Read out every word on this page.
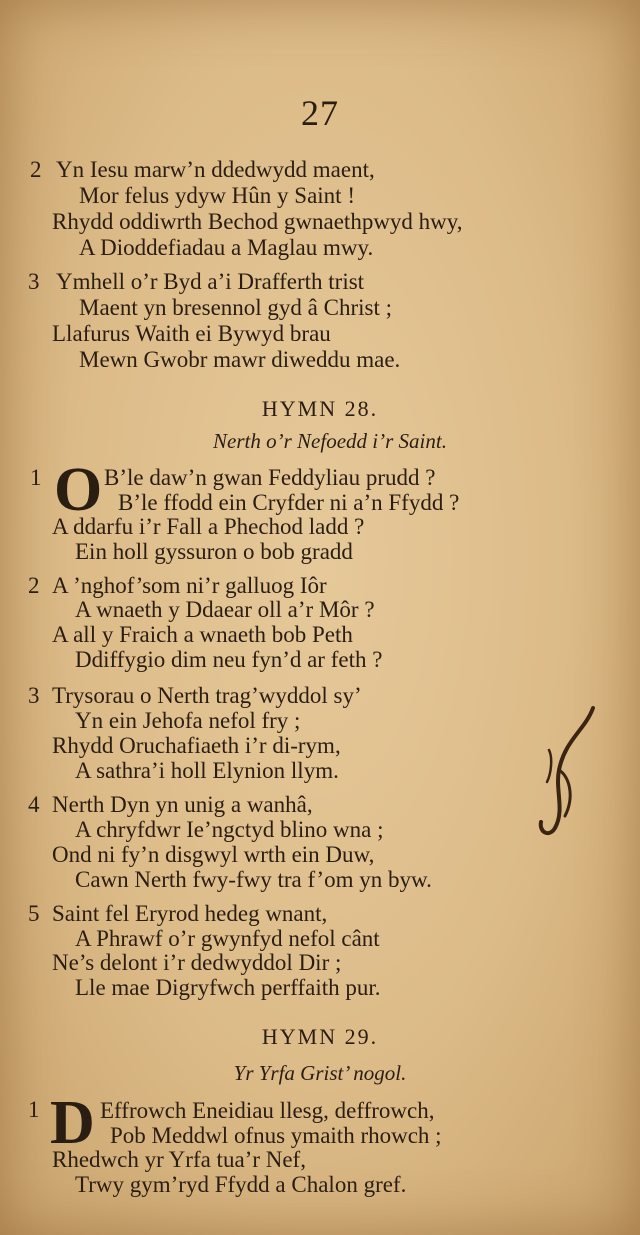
27
2 Yn Iesu marw’n ddedwydd maent,
Mor felus ydyw Hûn y Saint !
Rhydd oddiwrth Bechod gwnaethpwyd hwy,
A Dioddefiadau a Maglau mwy.
3 Ymhell o’r Byd a’i Drafferth trist
Maent yn bresennol gyd â Christ ;
Llafurus Waith ei Bywyd brau
Mewn Gwobr mawr diweddu mae.
HYMN 28.
Nerth o’r Nefoedd i’r Saint.
1 O B’le daw’n gwan Feddyliau prudd ?
B’le ffodd ein Cryfder ni a’n Ffydd ?
A ddarfu i’r Fall a Phechod ladd ?
Ein holl gyssuron o bob gradd
2 A ’nghof’som ni’r galluog Iôr
A wnaeth y Ddaear oll a’r Môr ?
A all y Fraich a wnaeth bob Peth
Ddiffygio dim neu fyn’d ar feth ?
3 Trysorau o Nerth trag’wyddol sy’
Yn ein Jehofa nefol fry ;
Rhydd Oruchafiaeth i’r di-rym,
A sathra’i holl Elynion llym.
4 Nerth Dyn yn unig a wanhâ,
A chryfdwr Ie’ngctyd blino wna ;
Ond ni fy’n disgwyl wrth ein Duw,
Cawn Nerth fwy-fwy tra f’om yn byw.
5 Saint fel Eryrod hedeg wnant,
A Phrawf o’r gwynfyd nefol cânt
Ne’s delont i’r dedwyddol Dir ;
Lle mae Digryfwch perffaith pur.
HYMN 29.
Yr Yrfa Grist’ nogol.
1 D Effrowch Eneidiau llesg, deffrowch,
Pob Meddwl ofnus ymaith rhowch ;
Rhedwch yr Yrfa tua’r Nef,
Trwy gym’ryd Ffydd a Chalon gref.
